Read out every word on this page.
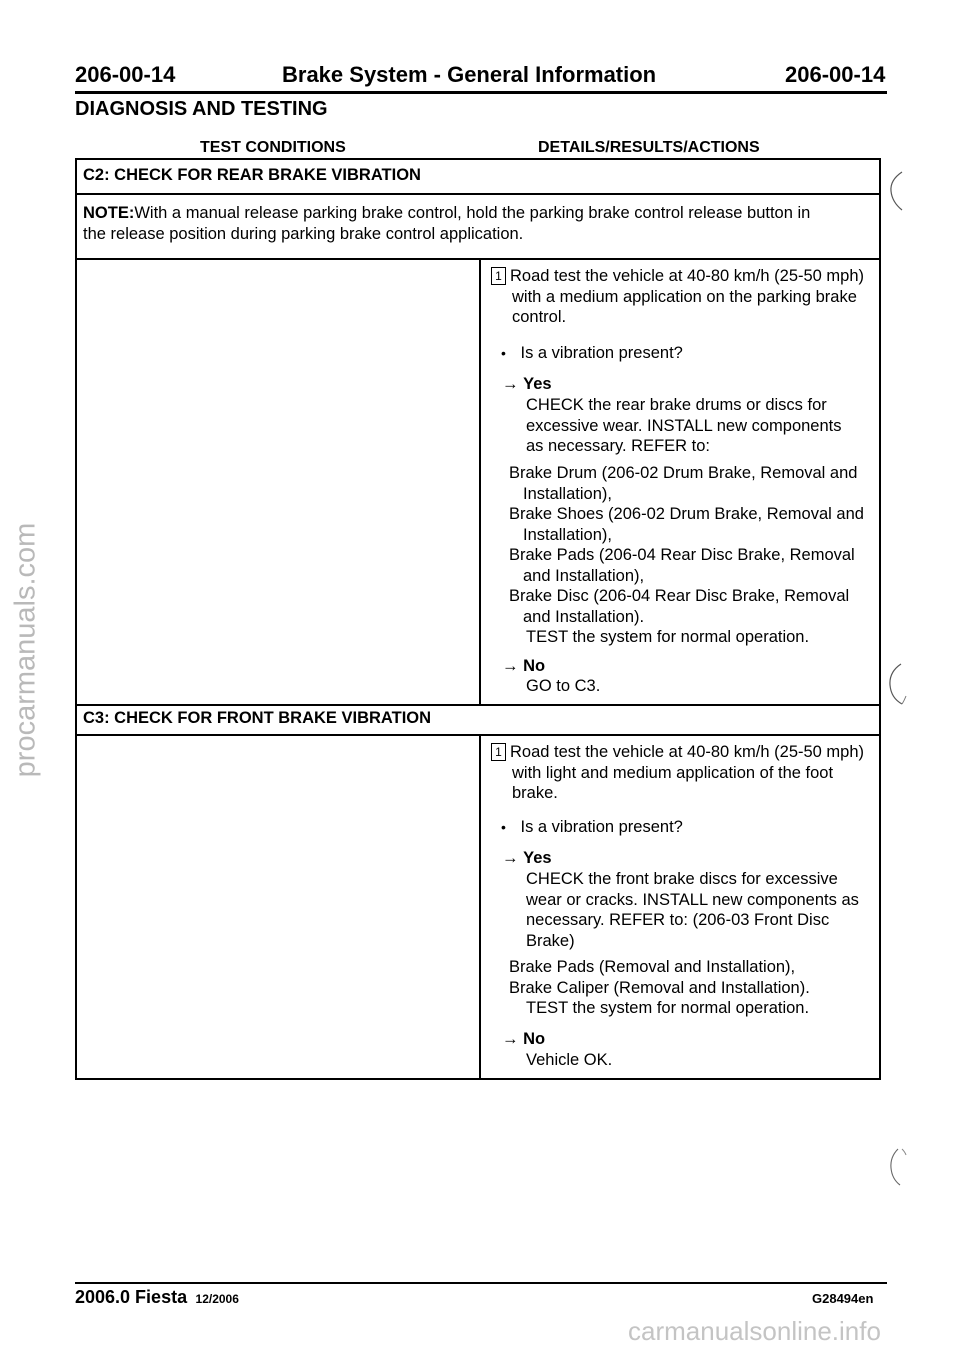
206-00-14	Brake System - General Information	206-00-14
DIAGNOSIS AND TESTING
TEST CONDITIONS	DETAILS/RESULTS/ACTIONS
C2: CHECK FOR REAR BRAKE VIBRATION
NOTE:With a manual release parking brake control, hold the parking brake control release button in
the release position during parking brake control application.
1 Road test the vehicle at 40-80 km/h (25-50 mph)
with a medium application on the parking brake
control.
• Is a vibration present?
→ Yes
CHECK the rear brake drums or discs for
excessive wear. INSTALL new components
as necessary. REFER to:
Brake Drum (206-02 Drum Brake, Removal and
Installation),
Brake Shoes (206-02 Drum Brake, Removal and
Installation),
Brake Pads (206-04 Rear Disc Brake, Removal
and Installation),
Brake Disc (206-04 Rear Disc Brake, Removal
and Installation).
TEST the system for normal operation.
→ No
GO to C3.
C3: CHECK FOR FRONT BRAKE VIBRATION
1 Road test the vehicle at 40-80 km/h (25-50 mph)
with light and medium application of the foot
brake.
• Is a vibration present?
→ Yes
CHECK the front brake discs for excessive
wear or cracks. INSTALL new components as
necessary. REFER to: (206-03 Front Disc
Brake)
Brake Pads (Removal and Installation),
Brake Caliper (Removal and Installation).
TEST the system for normal operation.
→ No
Vehicle OK.
procarmanuals.com
2006.0 Fiesta 12/2006	G28494en
carmanualsonline.info
